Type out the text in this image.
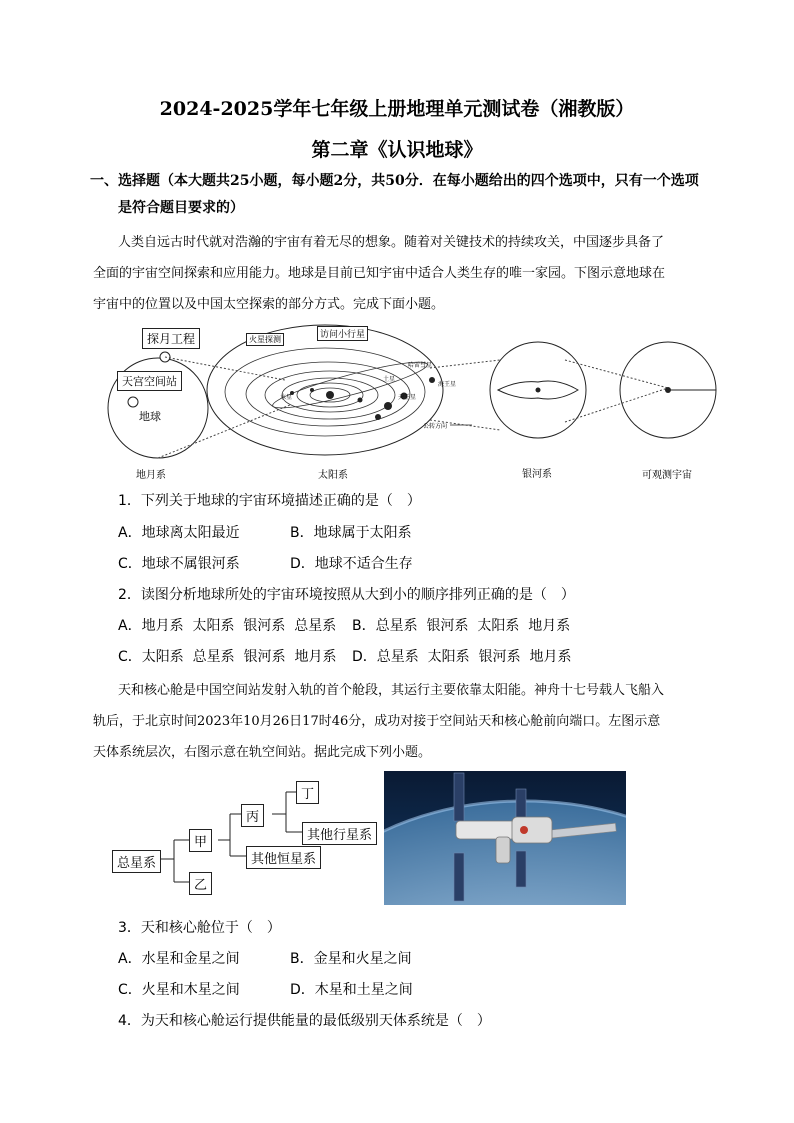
2024-2025学年七年级上册地理单元测试卷（湘教版）
第二章《认识地球》
一、选择题（本大题共25小题，每小题2分，共50分．在每小题给出的四个选项中，只有一个选项
是符合题目要求的）
人类自远古时代就对浩瀚的宇宙有着无尽的想象。随着对关键技术的持续攻关，中国逐步具备了
全面的宇宙空间探索和应用能力。地球是目前已知宇宙中适合人类生存的唯一家园。下图示意地球在
宇宙中的位置以及中国太空探索的部分方式。完成下面小题。
探月工程
天宫空间站
地球
火星探测	访问小行星
哈雷彗星
土星
天王星
海王星
公转方向
水星
地月系	太阳系	银河系	可观测宇宙
1．下列关于地球的宇宙环境描述正确的是（　）
A．地球离太阳最近	B．地球属于太阳系
C．地球不属银河系	D．地球不适合生存
2．读图分析地球所处的宇宙环境按照从大到小的顺序排列正确的是（　）
A．地月系  太阳系  银河系  总星系 B．总星系  银河系  太阳系  地月系
C．太阳系  总星系  银河系  地月系 D．总星系  太阳系  银河系  地月系
天和核心舱是中国空间站发射入轨的首个舱段，其运行主要依靠太阳能。神舟十七号载人飞船入
轨后，于北京时间2023年10月26日17时46分，成功对接于空间站天和核心舱前向端口。左图示意
天体系统层次，右图示意在轨空间站。据此完成下列小题。
总星系
甲
乙
丙
其他恒星系
丁
其他行星系
3．天和核心舱位于（　）
A．水星和金星之间	B．金星和火星之间
C．火星和木星之间	D．木星和土星之间
4．为天和核心舱运行提供能量的最低级别天体系统是（　）
